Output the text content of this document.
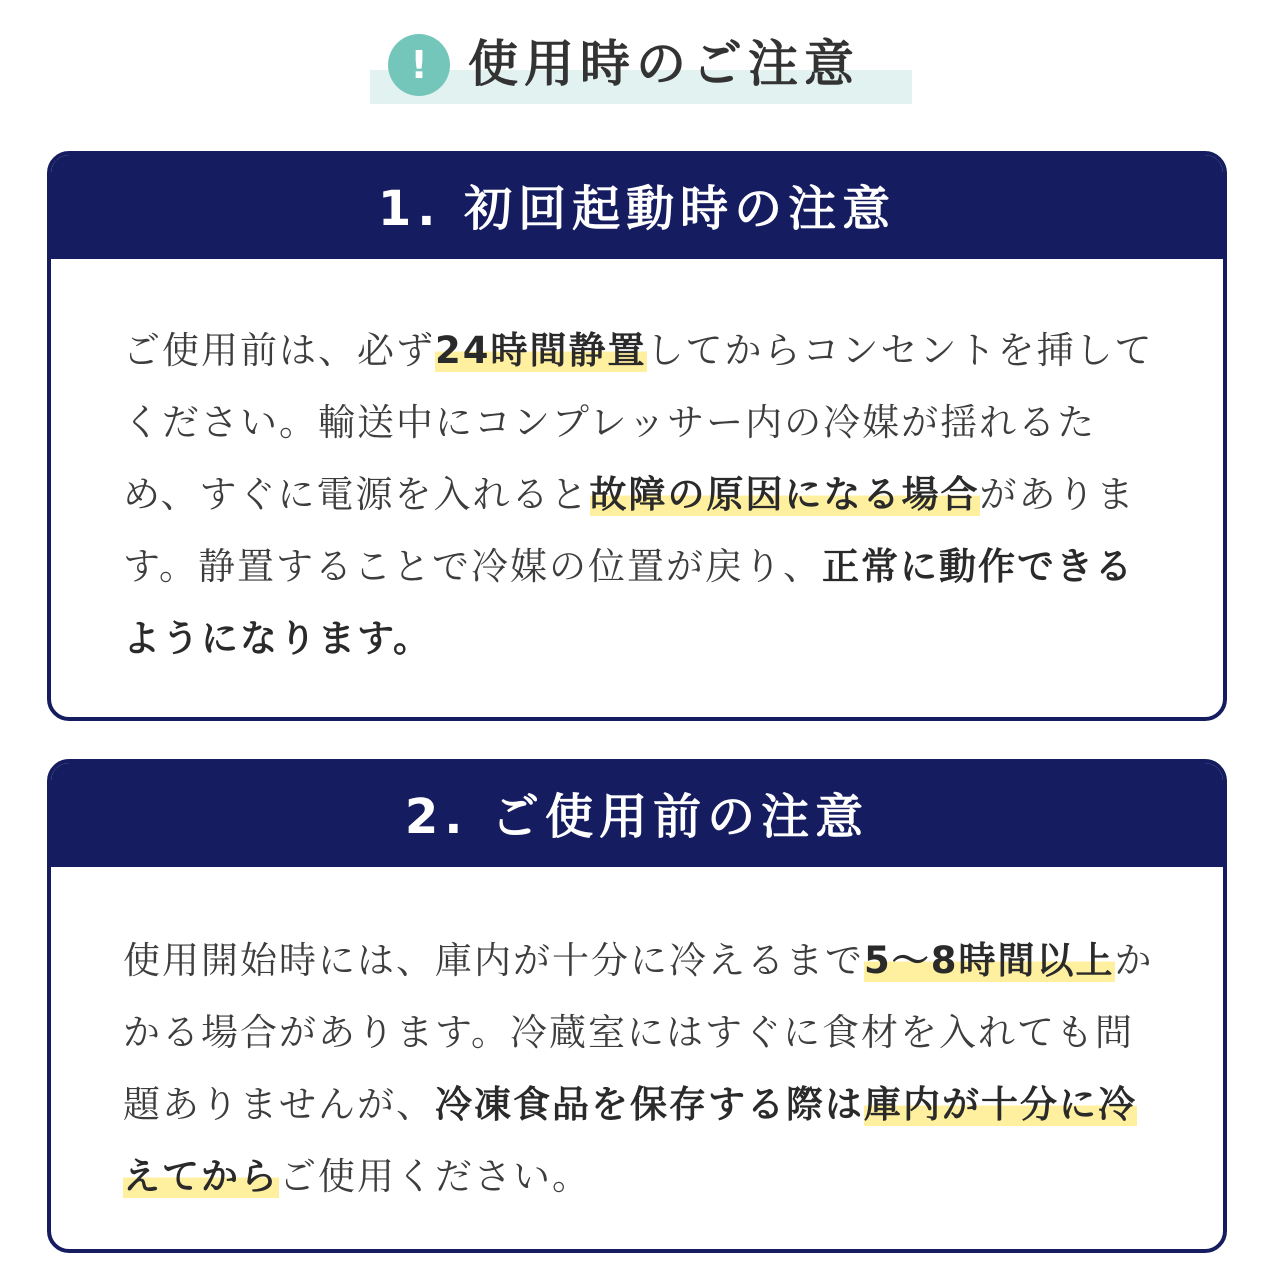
! 使用時のご注意
1. 初回起動時の注意
ご使用前は、必ず24時間静置してからコンセントを挿してください。輸送中にコンプレッサー内の冷媒が揺れるため、すぐに電源を入れると故障の原因になる場合があります。静置することで冷媒の位置が戻り、正常に動作できるようになります。
2. ご使用前の注意
使用開始時には、庫内が十分に冷えるまで5〜8時間以上かかる場合があります。冷蔵室にはすぐに食材を入れても問題ありませんが、冷凍食品を保存する際は庫内が十分に冷えてからご使用ください。
